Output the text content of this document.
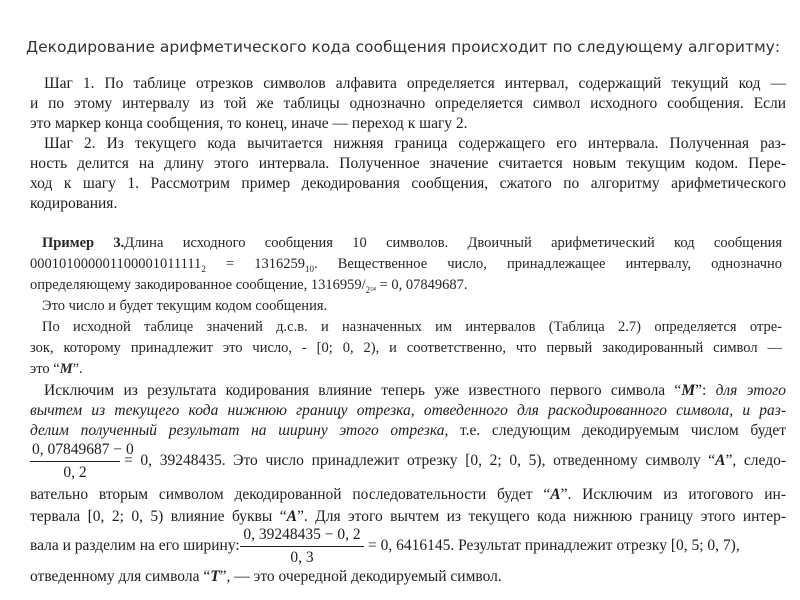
Декодирование арифметического кода сообщения происходит по следующему алгоритму:
Шаг 1. По таблице отрезков символов алфавита определяется интервал, содержащий текущий код —
и по этому интервалу из той же таблицы однозначно определяется символ исходного сообщения. Если
это маркер конца сообщения, то конец, иначе — переход к шагу 2.
Шаг 2. Из текущего кода вычитается нижняя граница содержащего его интервала. Полученная раз-
ность делится на длину этого интервала. Полученное значение считается новым текущим кодом. Пере-
ход к шагу 1. Рассмотрим пример декодирования сообщения, сжатого по алгоритму арифметического
кодирования.
Пример 3.Длина исходного сообщения 10 символов. Двоичный арифметический код сообщения
$000101000001100001011111_2 = 1316259_{10}$. Вещественное число, принадлежащее интервалу, однозначно
определяющему закодированное сообщение, $1316959/_{2^{24}} = 0$, 07849687.
Это число и будет текущим кодом сообщения.
По исходной таблице значений д.с.в. и назначенных им интервалов (Таблица 2.7) определяется отре-
зок, которому принадлежит это число, - [0; 0, 2), и соответственно, что первый закодированный символ —
это “M”.
Исключим из результата кодирования влияние теперь уже известного первого символа “M”: для этого
вычтем из текущего кода нижнюю границу отрезка, отведенного для раскодированного символа, и раз-
делим полученный результат на ширину этого отрезка, т.е. следующим декодируемым числом будет
$\frac{0, 07849687 - 0}{0, 2} = 0$, 39248435. Это число принадлежит отрезку [0, 2; 0, 5), отведенному символу “A”, следо-
вательно вторым символом декодированной последовательности будет “A”. Исключим из итогового ин-
тервала [0, 2; 0, 5) влияние буквы “A”. Для этого вычтем из текущего кода нижнюю границу этого интер-
вала и разделим на его ширину: $\frac{0, 39248435 - 0, 2}{0, 3} = 0$, 6416145. Результат принадлежит отрезку [0, 5; 0, 7),
отведенному для символа “T”, — это очередной декодируемый символ.
